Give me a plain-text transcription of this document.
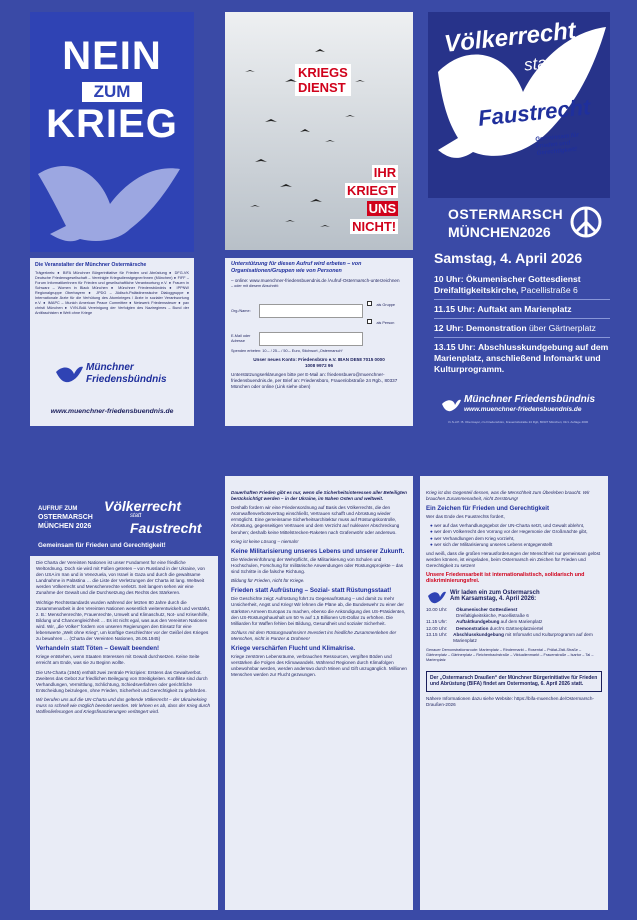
NEIN
ZUM
KRIEG
Die Veranstalter der Münchner Ostermärsche
Trägerkreis: ● BIFA Münchner Bürgerinitiative für Frieden und Abrüstung ● DFG-VK Deutsche Friedensgesellschaft – Vereinigte Kriegsdienstgegner/innen (München) ● FIFF – Forum InformatikerInnen für Frieden und gesellschaftliche Verantwortung e.V. ● Frauen in Schwarz – Women in Black München ● Münchner Friedensbündnis ● IPPNW Regionalgruppe Oberbayern ● JPDG – Jüdisch-Palästinensische Dialoggruppe ● Internationale Ärzte für die Verhütung des Atomkrieges / Ärzte in sozialer Verantwortung e.V. ● IMAPC – Munich American Peace Committee ● Netzwerk Friedenssteuer ● pax christi München ● VVN-BdA Vereinigung der Verfolgten des Naziregimes – Bund der Antifaschisten ● Welt ohne Kriege
Münchner Friedensbündnis
www.muenchner-friedensbuendnis.de
KRIEGS
DIENST
IHR
KRIEGT
UNS
NICHT!
Unterstützung für diesen Aufruf wird erbeten – von Organisationen/Gruppen wie von Personen
– online: www.muenchner-friedensbuendnis.de /Aufruf-Ostermarsch-unterzeichnen
– oder mit diesem Abschnitt:
Org./Name:
als Gruppe
als Person
E-Mail oder Adresse
Spenden erbeten: 10.– / 25.– / 50.– Euro, Stichwort „Ostermarsch“
Unser neues Konto: Friedensbüro e.V. IBAN DE58 7015 0000 1008 9972 96
Unterstützungserklärungen bitte per E-Mail an: friedensbuero@muenchner-friedensbuendnis.de, per Brief an: Friedensbüro, Frauenlobstraße 24 Rgb., 80337 München oder online (Link siehe oben)
Völkerrecht
statt
Faustrecht
Gemeinsam für Frieden und Gerechtigkeit!
OSTERMARSCH
MÜNCHEN2026
Samstag, 4. April 2026
10 Uhr: Ökumenischer Gottesdienst
Dreifaltigkeitskirche, Pacellistraße 6
11.15 Uhr: Auftakt am Marienplatz
12 Uhr: Demonstration über Gärtnerplatz
13.15 Uhr: Abschlusskundgebung auf dem Marienplatz, anschließend Infomarkt und Kulturprogramm.
Münchner Friedensbündnis
www.muenchner-friedensbuendnis.de
V.i.S.d.P.: B. Obermayer, c/o Friedensbüro, Frauenlobstraße 24 Rgb, 80337 München; 01/1. Auflage 4000
AUFRUF ZUM
OSTERMARSCH
MÜNCHEN 2026
Völkerrecht
statt
Faustrecht
Gemeinsam für Frieden und Gerechtigkeit!

Die Charta der Vereinten Nationen ist unser Fundament für eine friedliche Weltordnung. Doch sie wird mit Füßen getreten – von Russland in der Ukraine, von den USA im Iran und in Venezuela, von Israel in Gaza und durch die gewaltsame Landnahme in Palästina … die Liste der Verletzungen der Charta ist lang. Weltweit werden Völkerrecht und Menschenrechte verletzt. Seit langem sehen wir eine Zunahme der Gewalt und die Durchsetzung des Rechts des Stärkeren.

Wichtige Rechtsstandards wurden während der letzten 80 Jahre durch die Zusammenarbeit in den Vereinten Nationen wesentlich weiterentwickelt und verstärkt, z. B.: Menschenrechte, Frauenrechte, Umwelt und Klimaschutz, Not- und Krisenhilfe, Bildung und Chancengleichheit … Es ist nicht egal, was aus den Vereinten Nationen wird. Wir, „die Völker“ fordern von unseren Regierungen den Einsatz für eine lebenswerte „Welt ohne Krieg“, um künftige Geschlechter vor der Geißel des Krieges zu bewahren … (Charta der Vereinten Nationen, 26.06.1945)

Verhandeln statt Töten – Gewalt beenden!

Kriege entstehen, wenn Staaten Interessen mit Gewalt durchsetzen. Keine Seite erreicht am Ende, was sie zu Beginn wollte.

Die UN-Charta (1945) enthält zwei zentrale Prinzipien: Erstens das Gewaltverbot. Zweitens das Gebot zur friedlichen Beilegung von Streitigkeiten. Konflikte sind durch Verhandlungen, Vermittlung, Schlichtung, Schiedsverfahren oder gerichtliche Entscheidung beizulegen, ohne Frieden, Sicherheit und Gerechtigkeit zu gefährden.

Wir berufen uns auf die UN-Charta und das geltende Völkerrecht – der Ukrainekrieg muss so schnell wie möglich beendet werden. Wir lehnen es ab, dass der Krieg durch Waffenlieferungen und Kriegsfinanzierungen verlängert wird.

Dauerhaften Frieden gibt es nur, wenn die Sicherheitsinteressen aller Beteiligten berücksichtigt werden – in der Ukraine, im Nahen Osten und weltweit.

Deshalb fordern wir eine Friedensordnung auf Basis des Völkerrechts, die den Atomwaffenverbotsvertrag einschließt, Vertrauen schafft und Abrüstung wieder ermöglicht. Eine gemeinsame Sicherheitsarchitektur muss auf Rüstungskontrolle, Abrüstung, gegenseitigen Vertrauen und dem Verzicht auf nuklearer Abschreckung beruhen; deshalb keine Mittelstrecken-Raketen nach Grafenwöhr oder anderswo.

Krieg ist keine Lösung – niemals!

Keine Militarisierung unseres Lebens und unserer Zukunft.

Die Wiedereinführung der Wehrpflicht, die Militarisierung von Schulen und Hochschulen, Forschung für militärische Anwendungen oder Rüstungsprojekte – das sind Schritte in die falsche Richtung.

Bildung für Frieden, nicht für Kriege.

Frieden statt Aufrüstung – Sozial- statt Rüstungsstaat!

Die Geschichte zeigt: Aufrüstung führt zu Gegenaufrüstung – und damit zu mehr Unsicherheit, Angst und Krieg! Wir lehnen die Pläne ab, die Bundeswehr zu einer der stärksten Armeen Europas zu machen, ebenso die Ankündigung des US-Präsidenten, den US-Rüstungshaushalt um 50 % auf 1,5 Billionen US-Dollar zu erhöhen. Die Milliarden für Waffen fehlen bei Bildung, Gesundheit und sozialer Sicherheit.

Schluss mit dem Rüstungswahnsinn! Investiert ins friedliche Zusammenleben der Menschen, nicht in Panzer & Drohnen!

Kriege verschärfen Flucht und Klimakrise.

Kriege zerstören Lebensräume, verbrauchen Ressourcen, vergiften Böden und verstärken die Folgen des Klimawandels. Während Regionen durch Klimafolgen unbewohnbar werden, werden anderswo durch Minen und Gift unzugänglich. Millionen Menschen werden zur Flucht gezwungen.

Krieg ist das Gegenteil dessen, was die Menschheit zum Überleben braucht. Wir brauchen Zusammenarbeit, nicht Zerstörung!

Ein Zeichen für Frieden und Gerechtigkeit

Wer das Ende des Faustrechts fordert,

● wer auf das Verhandlungsgebot der UN-Charta setzt, und Gewalt ablehnt,
● wer dem Völkerrecht den Vorrang vor der Hegemonie der Großmächte gibt,
● wer Verhandlungen dem Krieg vorzieht,
● wer sich der Militarisierung unseres Lebens entgegenstellt

und weiß, dass die großen Herausforderungen der Menschheit nur gemeinsam gelöst werden können, ist eingeladen, beim Ostermarsch ein Zeichen für Frieden und Gerechtigkeit zu setzen!

Unsere Friedensarbeit ist internationalistisch, solidarisch und diskriminierungsfrei.

Wir laden ein zum Ostermarsch
Am Karsamstag, 4. April 2026:
10.00 Uhr:	Ökumenischer Gottesdienst
Dreifaltigkeitskirche, Pacellistraße 6
11.15 Uhr:	Auftaktkundgebung auf dem Marienplatz
12.00 Uhr:	Demonstration durch's Gärtnerplatzviertel
13.15 Uhr:	Abschlusskundgebung mit Infomarkt und Kulturprogramm auf dem Marienplatz
Genauer Demonstrationsroute: Marienplatz – Rindermarkt – Rosental – Prälat-Zistl-Straße – Gärtnerplatz – Gärtnerplatz – Reichenbachstraße – Viktualienmarkt – Frauenstraße – Isartor – Tal – Marienplatz
Der „Ostermarsch Draußen“ der Münchner Bürgerinitiative für Frieden und Abrüstung (BIFA) findet am Ostermontag, 6. April 2026 statt.
Nähere Informationen dazu siehe Website: https://bifa-muenchen.de/Ostermarsch-Draußen-2026
